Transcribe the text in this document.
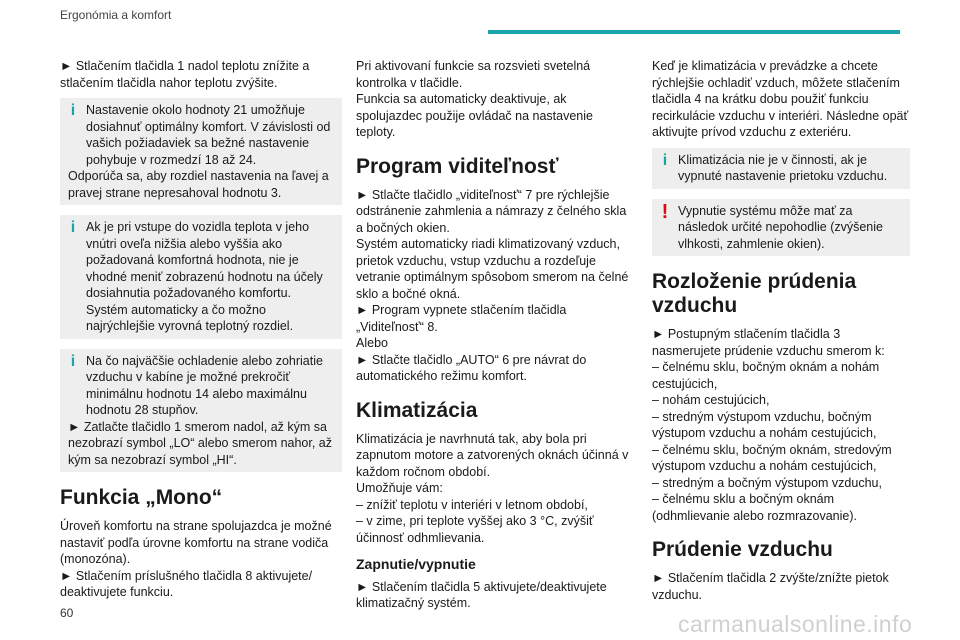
Ergonómia a komfort

► Stlačením tlačidla 1 nadol teplotu znížite a stlačením tlačidla nahor teplotu zvýšite.

i Nastavenie okolo hodnoty 21 umožňuje dosiahnuť optimálny komfort. V závislosti od vašich požiadaviek sa bežné nastavenie pohybuje v rozmedzí 18 až 24.
Odporúča sa, aby rozdiel nastavenia na ľavej a pravej strane nepresahoval hodnotu 3.
i Ak je pri vstupe do vozidla teplota v jeho vnútri oveľa nižšia alebo vyššia ako požadovaná komfortná hodnota, nie je vhodné meniť zobrazenú hodnotu na účely dosiahnutia požadovaného komfortu. Systém automaticky a čo možno najrýchlejšie vyrovná teplotný rozdiel.
i Na čo najväčšie ochladenie alebo zohriatie vzduchu v kabíne je možné prekročiť minimálnu hodnotu 14 alebo maximálnu hodnotu 28 stupňov.
► Zatlačte tlačidlo 1 smerom nadol, až kým sa nezobrazí symbol „LO“ alebo smerom nahor, až kým sa nezobrazí symbol „HI“.
Funkcia „Mono“

Úroveň komfortu na strane spolujazdca je možné nastaviť podľa úrovne komfortu na strane vodiča (monozóna).

► Stlačením príslušného tlačidla 8 aktivujete/ deaktivujete funkciu.

Pri aktivovaní funkcie sa rozsvieti svetelná kontrolka v tlačidle.

Funkcia sa automaticky deaktivuje, ak spolujazdec použije ovládač na nastavenie teploty.

Program viditeľnosť

► Stlačte tlačidlo „viditeľnosť“ 7 pre rýchlejšie odstránenie zahmlenia a námrazy z čelného skla a bočných okien.

Systém automaticky riadi klimatizovaný vzduch, prietok vzduchu, vstup vzduchu a rozdeľuje vetranie optimálnym spôsobom smerom na čelné sklo a bočné okná.

► Program vypnete stlačením tlačidla „Viditeľnosť“ 8.

Alebo

► Stlačte tlačidlo „AUTO“ 6 pre návrat do automatického režimu komfort.

Klimatizácia

Klimatizácia je navrhnutá tak, aby bola pri zapnutom motore a zatvorených oknách účinná v každom ročnom období.

Umožňuje vám:

– znížiť teplotu v interiéri v letnom období,

– v zime, pri teplote vyššej ako 3 °C, zvýšiť účinnosť odhmlievania.

Zapnutie/vypnutie

► Stlačením tlačidla 5 aktivujete/deaktivujete klimatizačný systém.

Keď je klimatizácia v prevádzke a chcete rýchlejšie ochladiť vzduch, môžete stlačením tlačidla 4 na krátku dobu použiť funkciu recirkulácie vzduchu v interiéri. Následne opäť aktivujte prívod vzduchu z exteriéru.

i Klimatizácia nie je v činnosti, ak je vypnuté nastavenie prietoku vzduchu.
! Vypnutie systému môže mať za následok určité nepohodlie (zvýšenie vlhkosti, zahmlenie okien).
Rozloženie prúdenia vzduchu

► Postupným stlačením tlačidla 3 nasmerujete prúdenie vzduchu smerom k:

– čelnému sklu, bočným oknám a nohám cestujúcich,

– nohám cestujúcich,

– stredným výstupom vzduchu, bočným výstupom vzduchu a nohám cestujúcich,

– čelnému sklu, bočným oknám, stredovým výstupom vzduchu a nohám cestujúcich,

– stredným a bočným výstupom vzduchu,

– čelnému sklu a bočným oknám (odhmlievanie alebo rozmrazovanie).

Prúdenie vzduchu

► Stlačením tlačidla 2 zvýšte/znížte pietok vzduchu.

60	carmanualsonline.info
